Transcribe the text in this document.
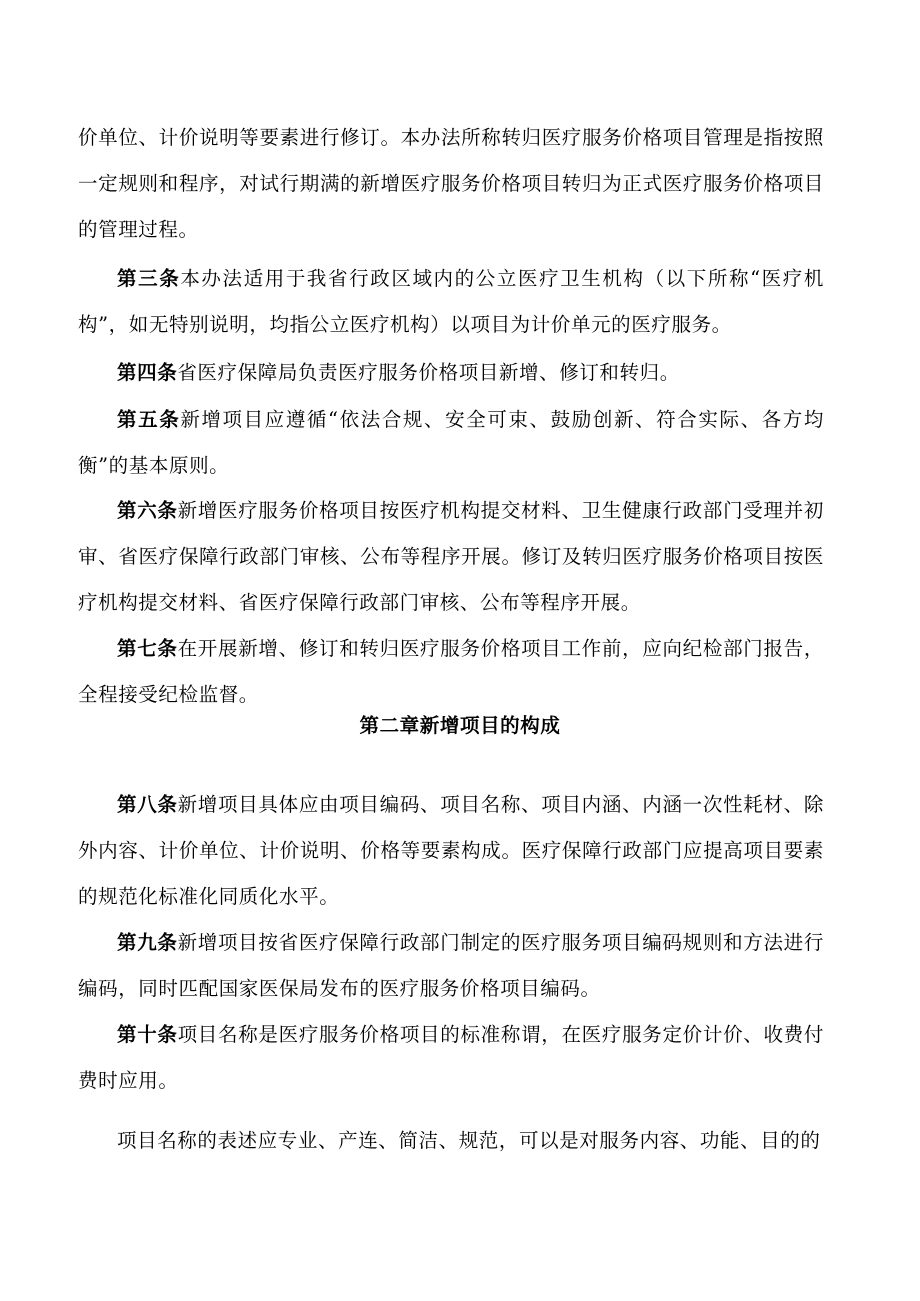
价单位、计价说明等要素进行修订。本办法所称转归医疗服务价格项目管理是指按照一定规则和程序，对试行期满的新增医疗服务价格项目转归为正式医疗服务价格项目的管理过程。

第三条本办法适用于我省行政区域内的公立医疗卫生机构（以下所称“医疗机构”，如无特别说明，均指公立医疗机构）以项目为计价单元的医疗服务。

第四条省医疗保障局负责医疗服务价格项目新增、修订和转归。

第五条新增项目应遵循“依法合规、安全可束、鼓励创新、符合实际、各方均衡”的基本原则。

第六条新增医疗服务价格项目按医疗机构提交材料、卫生健康行政部门受理并初审、省医疗保障行政部门审核、公布等程序开展。修订及转归医疗服务价格项目按医疗机构提交材料、省医疗保障行政部门审核、公布等程序开展。

第七条在开展新增、修订和转归医疗服务价格项目工作前，应向纪检部门报告，全程接受纪检监督。

第二章新增项目的构成

第八条新增项目具体应由项目编码、项目名称、项目内涵、内涵一次性耗材、除外内容、计价单位、计价说明、价格等要素构成。医疗保障行政部门应提高项目要素的规范化标准化同质化水平。

第九条新增项目按省医疗保障行政部门制定的医疗服务项目编码规则和方法进行编码，同时匹配国家医保局发布的医疗服务价格项目编码。

第十条项目名称是医疗服务价格项目的标准称谓，在医疗服务定价计价、收费付费时应用。

项目名称的表述应专业、产连、简洁、规范，可以是对服务内容、功能、目的的
